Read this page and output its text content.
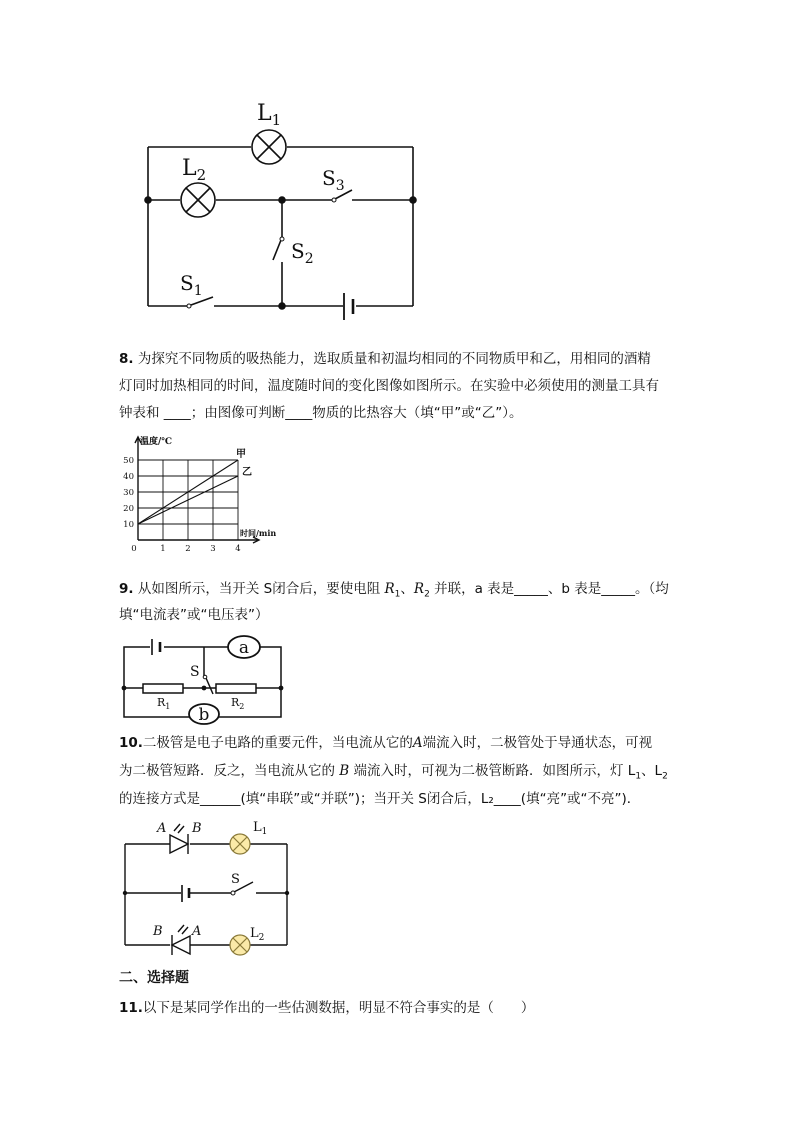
$L_1$
$L_2$	$S_3$
$S_2$
$S_1$
8. 为探究不同物质的吸热能力，选取质量和初温均相同的不同物质甲和乙，用相同的酒精
灯同时加热相同的时间，温度随时间的变化图像如图所示。在实验中必须使用的测量工具有
钟表和 ____；由图像可判断____物质的比热容大（填“甲”或“乙”）。
10
20
30
40
50
0	1 2 3 4
温度/℃
时间/min
甲
乙
9. 从如图所示，当开关 S闭合后，要使电阻 $R_1$、$R_2$ 并联，a 表是_____、b 表是_____。（均
填“电流表”或“电压表”）
a
b
S
$R_1$	$R_2$
10.二极管是电子电路的重要元件，当电流从它的A端流入时，二极管处于导通状态，可视
为二极管短路．反之，当电流从它的 B 端流入时，可视为二极管断路．如图所示，灯 $L_1$、$L_2$
的连接方式是______(填“串联”或“并联”)；当开关 S闭合后，L₂____(填“亮”或“不亮”)．
A B	$L_1$
S
B A	$L_2$
二、选择题
11.以下是某同学作出的一些估测数据，明显不符合事实的是（　　）
